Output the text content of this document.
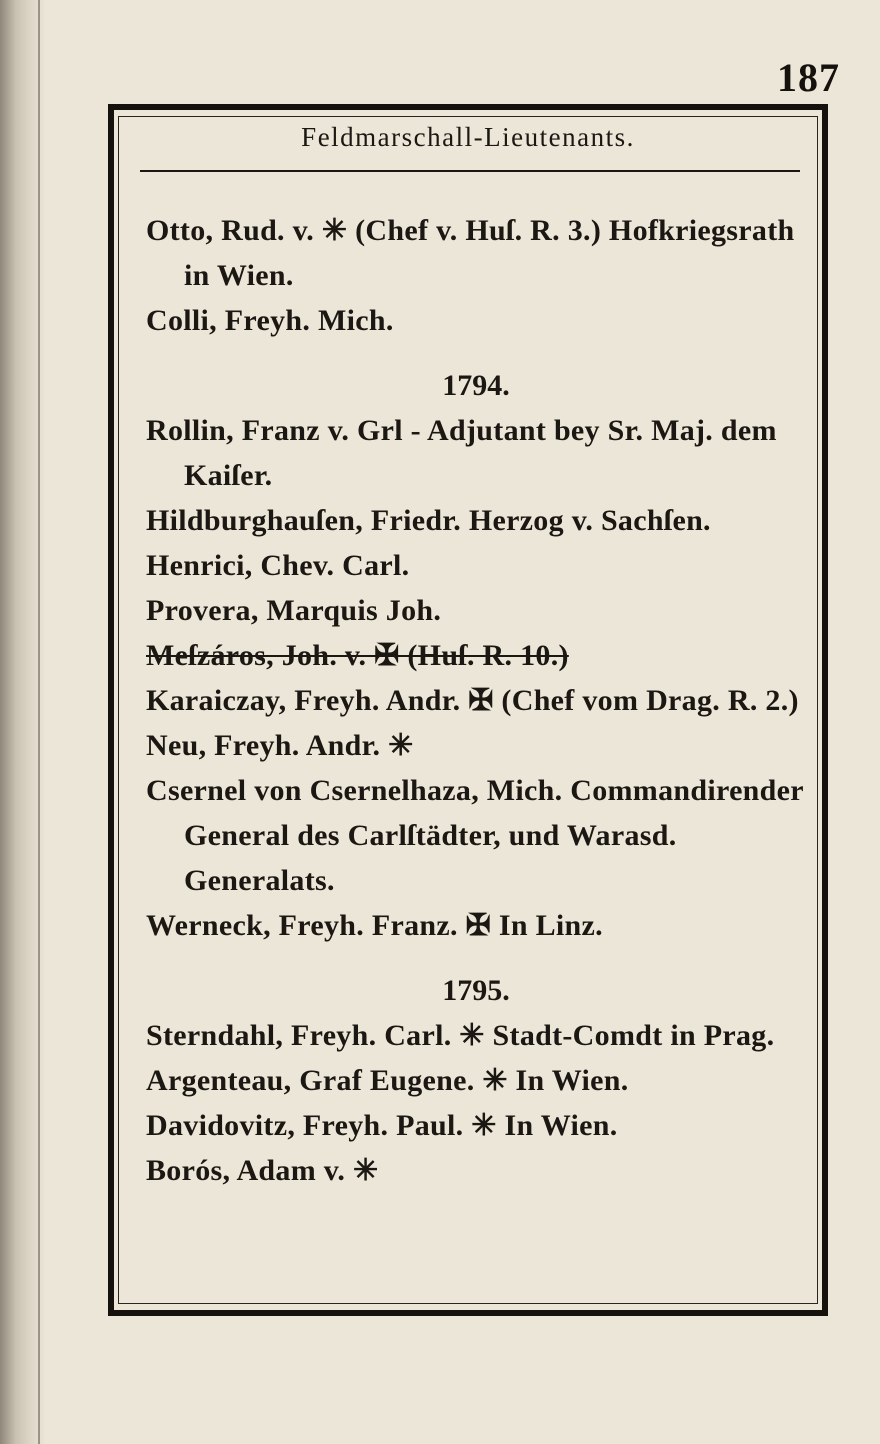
187
Feldmarschall-Lieutenants.

Otto, Rud. v. ✳ (Chef v. Huſ. R. 3.) Hofkriegsrath in Wien.

Colli, Freyh. Mich.

1794.

Rollin, Franz v. Grl - Adjutant bey Sr. Maj. dem Kaiſer.

Hildburghauſen, Friedr. Herzog v. Sachſen.

Henrici, Chev. Carl.

Provera, Marquis Joh.

Meſzáros, Joh. v. ✠ (Huſ. R. 10.)

Karaiczay, Freyh. Andr. ✠ (Chef vom Drag. R. 2.)

Neu, Freyh. Andr. ✳

Csernel von Csernelhaza, Mich. Commandirender General des Carlſtädter, und Warasd. Generalats.

Werneck, Freyh. Franz. ✠ In Linz.

1795.

Sterndahl, Freyh. Carl. ✳ Stadt-Comdt in Prag.

Argenteau, Graf Eugene. ✳ In Wien.

Davidovitz, Freyh. Paul. ✳ In Wien.

Borós, Adam v. ✳
